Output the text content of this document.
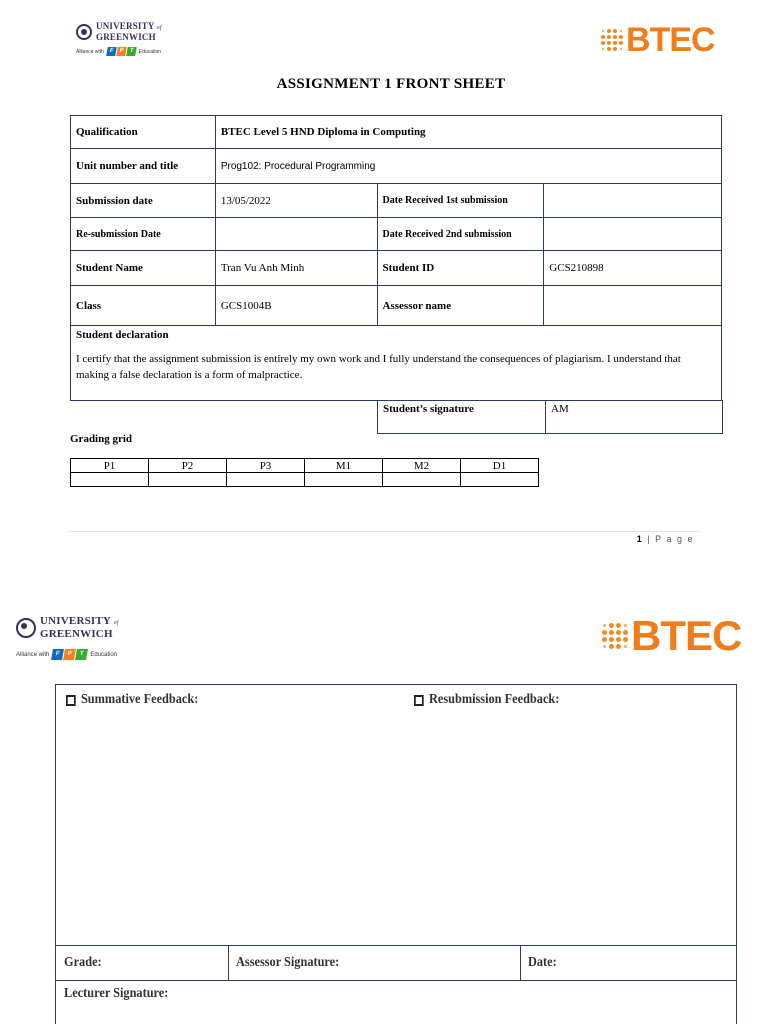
UNIVERSITY of
GREENWICH
Alliance with F P T	Education	BTEC
ASSIGNMENT 1 FRONT SHEET
Qualification	BTEC Level 5 HND Diploma in Computing		
Unit number and title	Prog102: Procedural Programming		
Submission date	13/05/2022	Date Received 1st submission	
Re-submission Date		Date Received 2nd submission	
Student Name	Tran Vu Anh Minh	Student ID	GCS210898
Class	GCS1004B	Assessor name	

Student declaration
I certify that the assignment submission is entirely my own work and I fully understand the consequences of plagiarism. I understand that making a false declaration is a form of malpractice.			
Student’s signature	AM
Grading grid
P1	P2	P3	M1	M2	D1

1 | P a g e
UNIVERSITY of
GREENWICH
Alliance with	F	P	T	Education	BTEC
Summative Feedback:	Resubmission Feedback:
Grade:	Assessor Signature:	Date:
Lecturer Signature:
